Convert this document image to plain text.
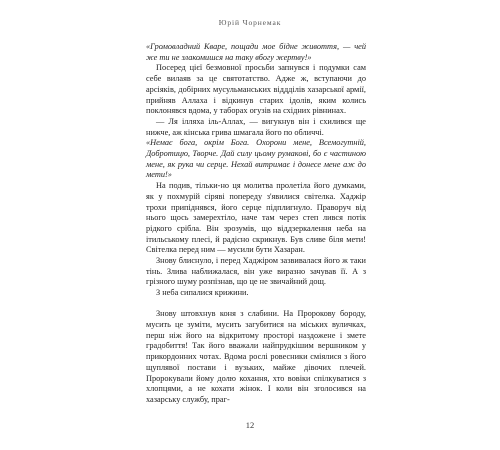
Юрій Чорнемак

«Громовладний Кваре, пощади мое бідне живоття, — чей же ти не злакомишся на таку вбогу жертву!»

Посеред цієї безмовної просьби запнувся і подумки сам себе вилаяв за це святотатство. Адже ж, вступаючи до арсіяків, добірних мусульманських віддділів хазарської армії, прийняв Аллаха і відкинув старих ідолів, яким колись поклонявся вдома, у таборах огузів на східних рівнинах.

— Ля ілляха іль-Аллах, — вигукнув він і схилився ще нижче, аж кінська грива шмагала його по обличчі.

«Немає бога, окрім Бога. Охорони мене, Всемогутній, Добротицю, Творче. Дай силу цьому румакові, бо є частиною мене, як рука чи серце. Нехай витримає і донесе мене аж до мети!»

На подив, тільки-но ця молитва пролетіла його думками, як у похмурій сіряві попереду з'явилися світелка. Хаджір трохи припіднявся, його серце підплигнуло. Праворуч від нього щось замерехтіло, наче там через степ лився потік рідкого срібла. Він зрозумів, що віддзеркалення неба на ітильському плесі, й радісно скрикнув. Був сливе біля мети! Світелка перед ним — мусили бути Хазаран.

Знову блиснуло, і перед Хаджіром зазвивалася його ж таки тінь. Злива наближалася, він уже виразно зачував її. А з грізного шуму розпізнав, що це не звичайний дощ.

З неба сипалися крижини.

Знову штовхнув коня з слабини. На Пророкову бороду, мусить це зуміти, мусить загубитися на міських вуличках, перш ніж його на відкритому просторі наздожене і змете градобиття! Так його вважали найпрудкішим вершником у прикордонних чотах. Вдома рослі ровесники сміялися з його щуплявої постави і вузьких, майже дівочих плечей. Пророкували йому долю кохання, хто вовіки спілкуватися з хлопцями, а не кохати жінок. І коли він зголосився на хазарську службу, праг-

12
